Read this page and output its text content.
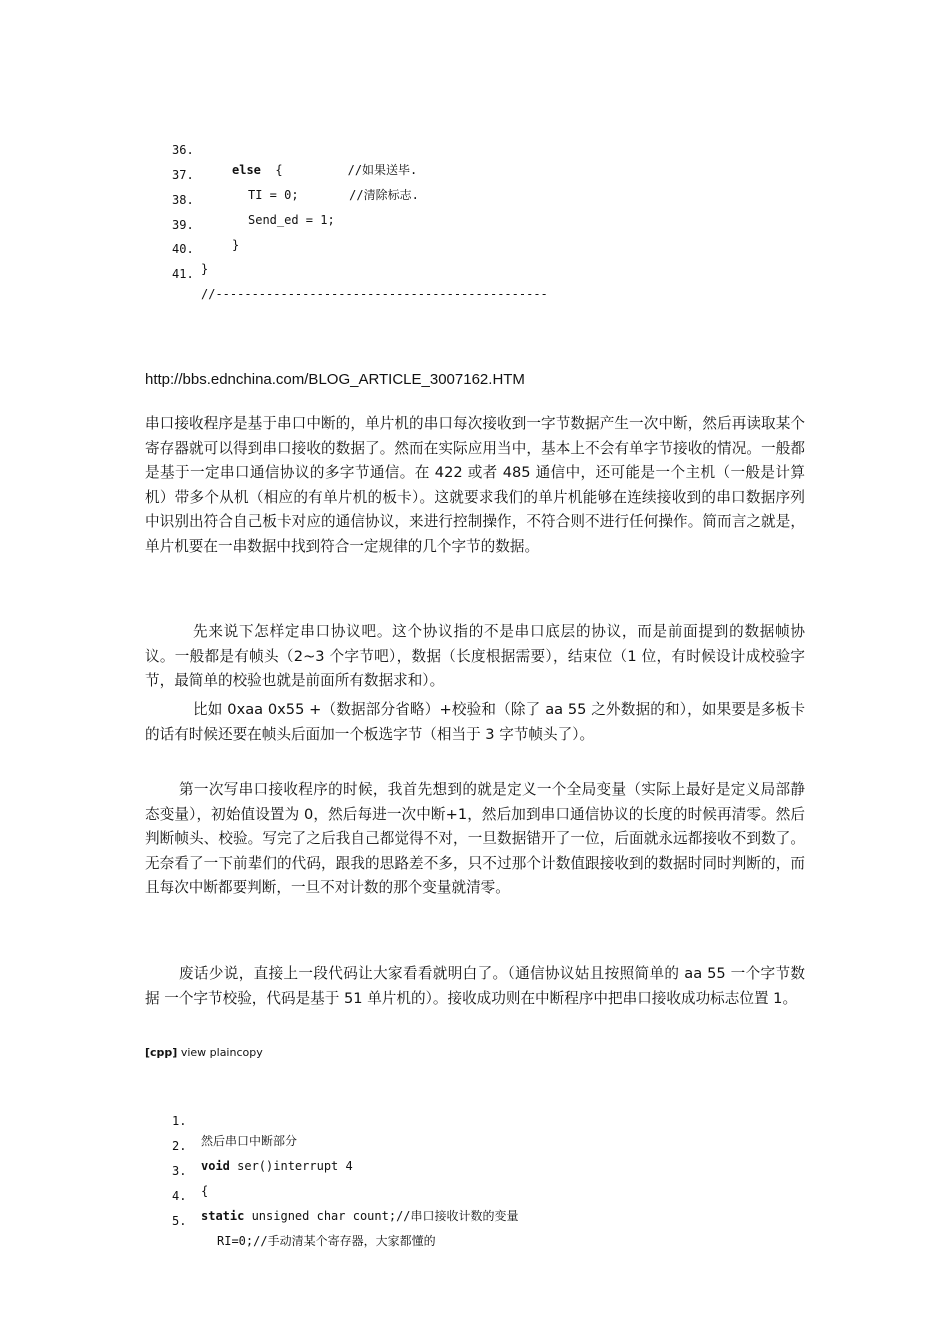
36.

else  {         //如果送毕.

37.

TI = 0;       //清除标志.

38.

Send_ed = 1;

39.

}

40.

}

41.

//----------------------------------------------

http://bbs.ednchina.com/BLOG_ARTICLE_3007162.HTM

串口接收程序是基于串口中断的，单片机的串口每次接收到一字节数据产生一次中断，然后再读取某个寄存器就可以得到串口接收的数据了。然而在实际应用当中，基本上不会有单字节接收的情况。一般都是基于一定串口通信协议的多字节通信。在 422 或者 485 通信中，还可能是一个主机（一般是计算机）带多个从机（相应的有单片机的板卡）。这就要求我们的单片机能够在连续接收到的串口数据序列中识别出符合自己板卡对应的通信协议，来进行控制操作，不符合则不进行任何操作。简而言之就是，单片机要在一串数据中找到符合一定规律的几个字节的数据。

先来说下怎样定串口协议吧。这个协议指的不是串口底层的协议，而是前面提到的数据帧协议。一般都是有帧头（2~3 个字节吧），数据（长度根据需要），结束位（1 位，有时候设计成校验字节，最简单的校验也就是前面所有数据求和）。

比如 0xaa 0x55 +（数据部分省略）+校验和（除了 aa 55 之外数据的和），如果要是多板卡的话有时候还要在帧头后面加一个板选字节（相当于 3 字节帧头了）。

第一次写串口接收程序的时候，我首先想到的就是定义一个全局变量（实际上最好是定义局部静态变量），初始值设置为 0，然后每进一次中断+1，然后加到串口通信协议的长度的时候再清零。然后判断帧头、校验。写完了之后我自己都觉得不对，一旦数据错开了一位，后面就永远都接收不到数了。无奈看了一下前辈们的代码，跟我的思路差不多，只不过那个计数值跟接收到的数据时同时判断的，而且每次中断都要判断，一旦不对计数的那个变量就清零。

废话少说，直接上一段代码让大家看看就明白了。（通信协议姑且按照简单的 aa 55 一个字节数据 一个字节校验，代码是基于 51 单片机的）。接收成功则在中断程序中把串口接收成功标志位置 1。

[cpp] view plaincopy

1.

然后串口中断部分

2.

void ser()interrupt 4

3.

{

4.

static unsigned char count;//串口接收计数的变量

5.

RI=0;//手动清某个寄存器，大家都懂的
